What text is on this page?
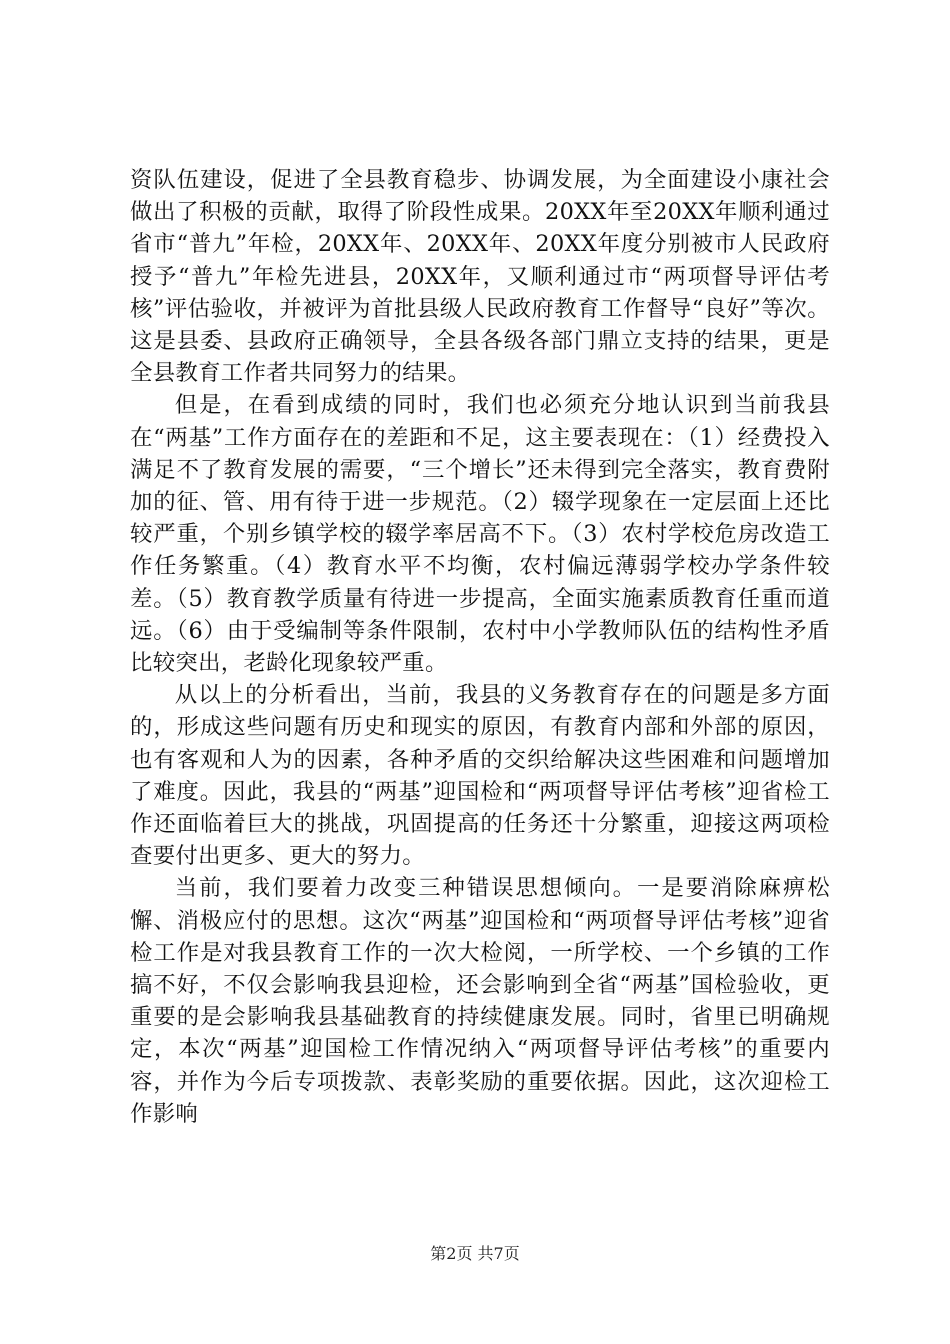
资队伍建设，促进了全县教育稳步、协调发展，为全面建设小康社会做出了积极的贡献，取得了阶段性成果。20XX年至20XX年顺利通过省市“普九”年检，20XX年、20XX年、20XX年度分别被市人民政府授予“普九”年检先进县，20XX年，又顺利通过市“两项督导评估考核”评估验收，并被评为首批县级人民政府教育工作督导“良好”等次。这是县委、县政府正确领导，全县各级各部门鼎立支持的结果，更是全县教育工作者共同努力的结果。

但是，在看到成绩的同时，我们也必须充分地认识到当前我县在“两基”工作方面存在的差距和不足，这主要表现在：（1）经费投入满足不了教育发展的需要，“三个增长”还未得到完全落实，教育费附加的征、管、用有待于进一步规范。（2）辍学现象在一定层面上还比较严重，个别乡镇学校的辍学率居高不下。（3）农村学校危房改造工作任务繁重。（4）教育水平不均衡，农村偏远薄弱学校办学条件较差。（5）教育教学质量有待进一步提高，全面实施素质教育任重而道远。（6）由于受编制等条件限制，农村中小学教师队伍的结构性矛盾比较突出，老龄化现象较严重。

从以上的分析看出，当前，我县的义务教育存在的问题是多方面的，形成这些问题有历史和现实的原因，有教育内部和外部的原因，也有客观和人为的因素，各种矛盾的交织给解决这些困难和问题增加了难度。因此，我县的“两基”迎国检和“两项督导评估考核”迎省检工作还面临着巨大的挑战，巩固提高的任务还十分繁重，迎接这两项检查要付出更多、更大的努力。

当前，我们要着力改变三种错误思想倾向。一是要消除麻痹松懈、消极应付的思想。这次“两基”迎国检和“两项督导评估考核”迎省检工作是对我县教育工作的一次大检阅，一所学校、一个乡镇的工作搞不好，不仅会影响我县迎检，还会影响到全省“两基”国检验收，更重要的是会影响我县基础教育的持续健康发展。同时，省里已明确规定，本次“两基”迎国检工作情况纳入“两项督导评估考核”的重要内容，并作为今后专项拨款、表彰奖励的重要依据。因此，这次迎检工作影响

第2页 共7页
